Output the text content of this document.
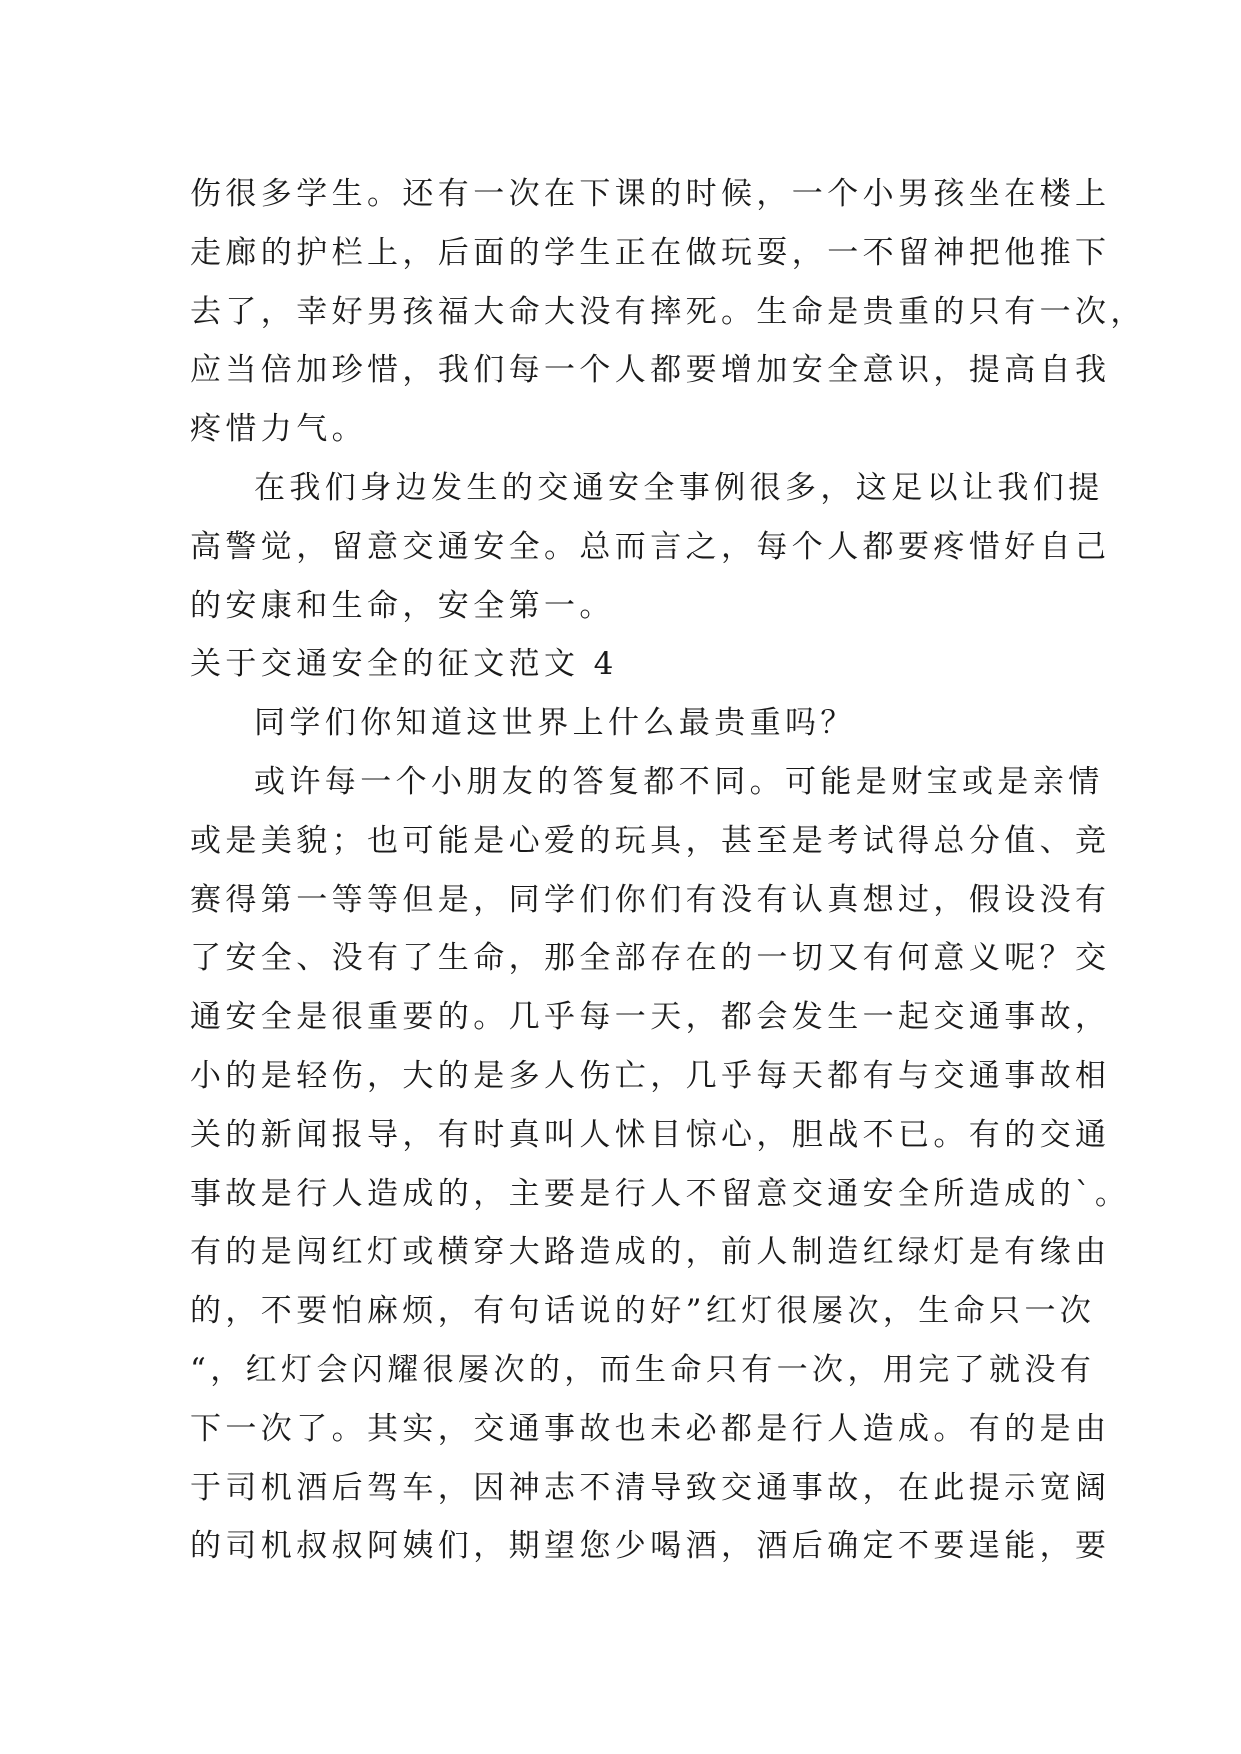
伤很多学生。还有一次在下课的时候，一个小男孩坐在楼上
走廊的护栏上，后面的学生正在做玩耍，一不留神把他推下
去了，幸好男孩福大命大没有摔死。生命是贵重的只有一次，
应当倍加珍惜，我们每一个人都要增加安全意识，提高自我
疼惜力气。
在我们身边发生的交通安全事例很多，这足以让我们提
高警觉，留意交通安全。总而言之，每个人都要疼惜好自己
的安康和生命，安全第一。
关于交通安全的征文范文 4
同学们你知道这世界上什么最贵重吗？
或许每一个小朋友的答复都不同。可能是财宝或是亲情
或是美貌；也可能是心爱的玩具，甚至是考试得总分值、竞
赛得第一等等但是，同学们你们有没有认真想过，假设没有
了安全、没有了生命，那全部存在的一切又有何意义呢？交
通安全是很重要的。几乎每一天，都会发生一起交通事故，
小的是轻伤，大的是多人伤亡，几乎每天都有与交通事故相
关的新闻报导，有时真叫人怵目惊心，胆战不已。有的交通
事故是行人造成的，主要是行人不留意交通安全所造成的`。
有的是闯红灯或横穿大路造成的，前人制造红绿灯是有缘由
的，不要怕麻烦，有句话说的好”红灯很屡次，生命只一次
“，红灯会闪耀很屡次的，而生命只有一次，用完了就没有
下一次了。其实，交通事故也未必都是行人造成。有的是由
于司机酒后驾车，因神志不清导致交通事故，在此提示宽阔
的司机叔叔阿姨们，期望您少喝酒，酒后确定不要逞能，要
